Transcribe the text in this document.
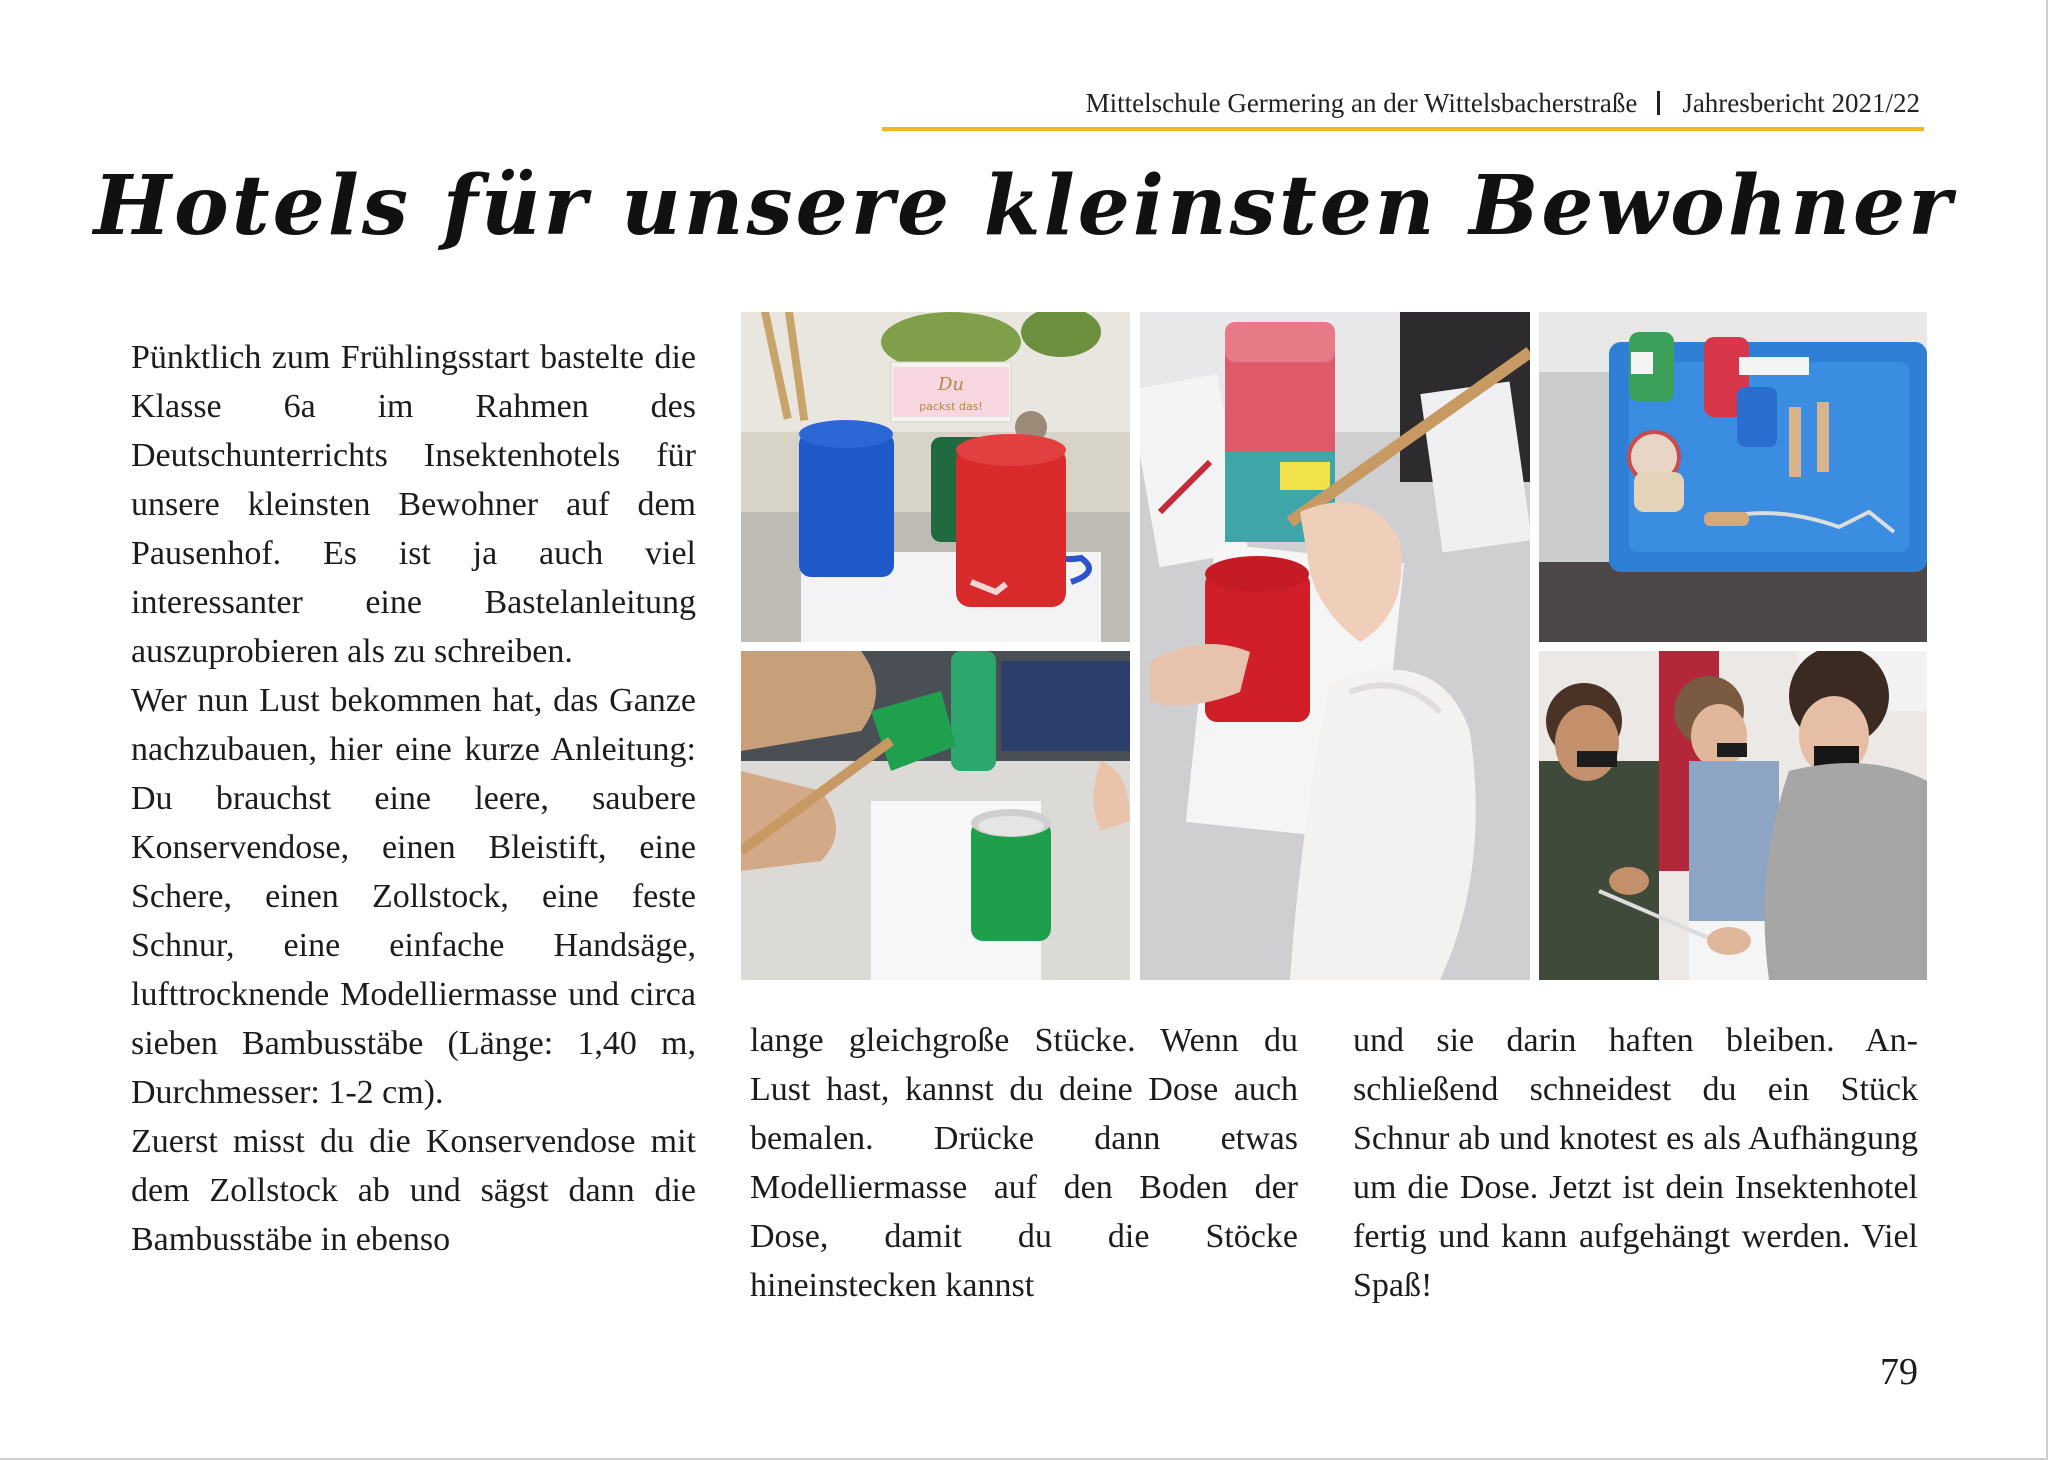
Mittelschule Germering an der Wittelsbacherstraße Jahresbericht 2021/22
Hotels für unsere kleinsten Bewohner

Pünktlich zum Frühlingsstart bastelte die Klasse 6a im Rahmen des Deutschunterrichts Insektenhotels für unsere kleinsten Bewohner auf dem Pausenhof. Es ist ja auch viel interessanter eine Bastelanleitung auszuprobieren als zu schreiben.

Wer nun Lust bekommen hat, das Ganze nachzubauen, hier eine kurze Anleitung: Du brauchst eine leere, saubere Konservendose, einen Bleistift, eine Schere, einen Zollstock, eine feste Schnur, eine einfache Handsäge, lufttrocknende Modelliermasse und circa sieben Bambusstäbe (Länge: 1,40 m, Durchmesser: 1-2 cm).

Zuerst misst du die Konservendose mit dem Zollstock ab und sägst dann die Bambusstäbe in ebenso

lange gleichgroße Stücke. Wenn du Lust hast, kannst du deine Dose auch bemalen. Drücke dann etwas Modelliermasse auf den Boden der Dose, damit du die Stöcke hineinstecken kannst

und sie darin haften bleiben. Anschließend schneidest du ein Stück Schnur ab und knotest es als Aufhängung um die Dose. Jetzt ist dein Insektenhotel fertig und kann aufgehängt werden. Viel Spaß!

Du
packst das!
79
